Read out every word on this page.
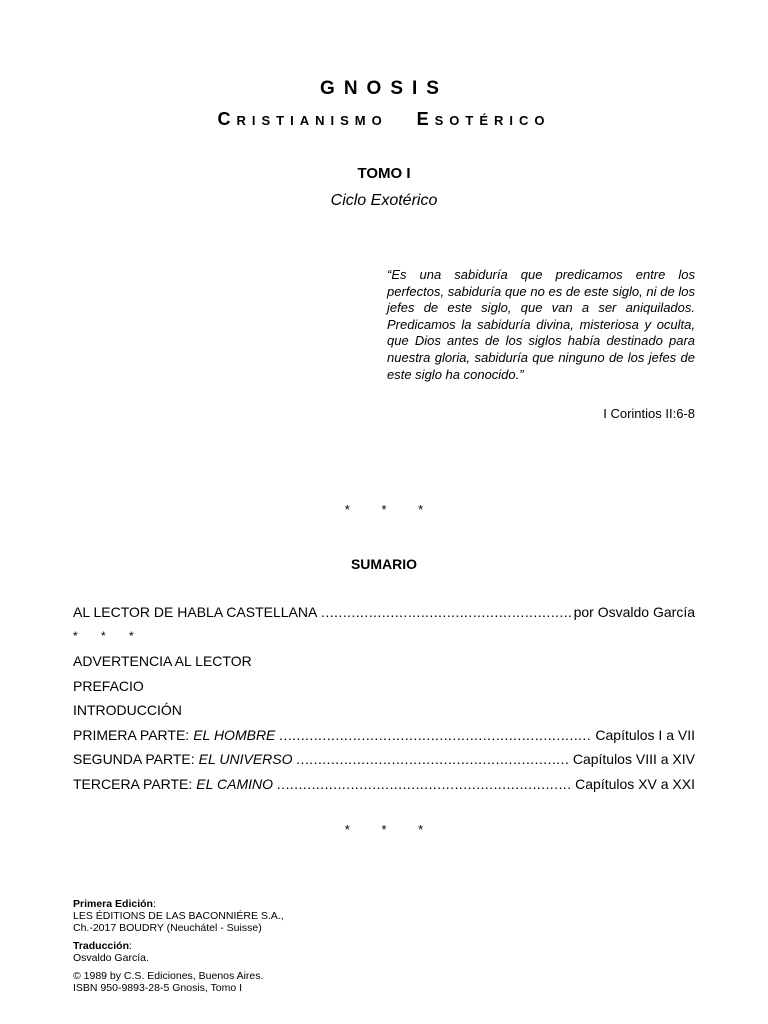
GNOSIS
CRISTIANISMO ESOTÉRICO
TOMO I
Ciclo Exotérico
“Es una sabiduría que predicamos entre los perfectos, sabiduría que no es de este siglo, ni de los jefes de este siglo, que van a ser aniquilados. Predicamos la sabiduría divina, misteriosa y oculta, que Dios antes de los siglos había destinado para nuestra gloria, sabiduría que ninguno de los jefes de este siglo ha conocido.”
I Corintios II:6-8
* * *
SUMARIO
AL LECTOR DE HABLA CASTELLANA …………………………………………………………………………………………………………………………………………………	por Osvaldo García
* * *
ADVERTENCIA AL LECTOR
PREFACIO
INTRODUCCIÓN
PRIMERA PARTE: EL HOMBRE …………………………………………………………………………………………………………………………………………………	Capítulos I a VII
SEGUNDA PARTE: EL UNIVERSO …………………………………………………………………………………………………………………………………………………	Capítulos VIII a XIV
TERCERA PARTE: EL CAMINO …………………………………………………………………………………………………………………………………………………	Capítulos XV a XXI
* * *
Primera Edición:
LES ÉDITIONS DE LAS BACONNIÉRE S.A.,
Ch.-2017 BOUDRY (Neuchátel - Suisse)
Traducción:
Osvaldo García.
© 1989 by C.S. Ediciones, Buenos Aires.
ISBN 950-9893-28-5 Gnosis, Tomo I
